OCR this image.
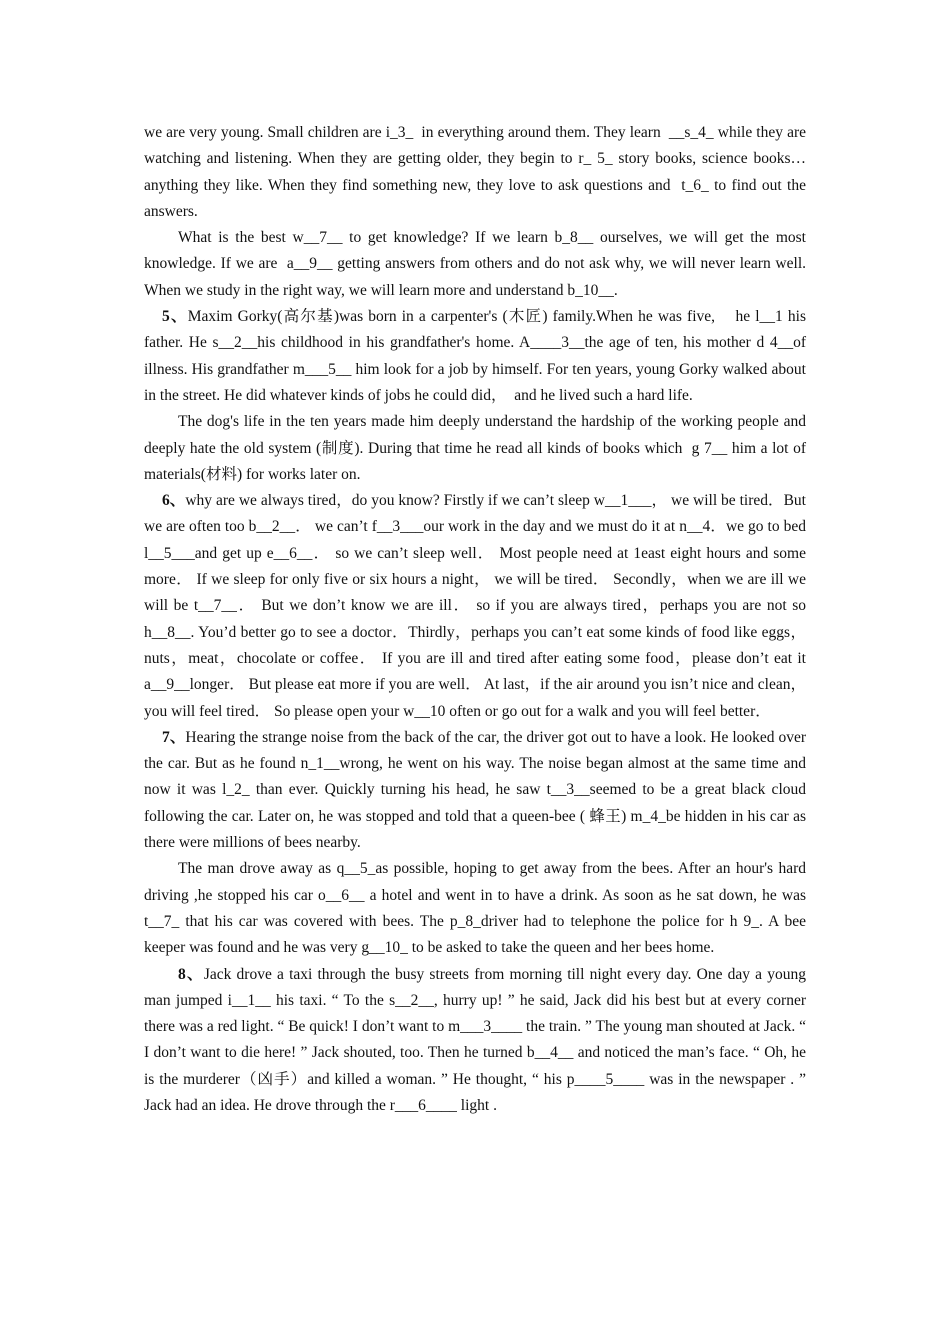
we are very young. Small children are i_3_  in everything around them. They learn  __s_4_ while they are watching and listening. When they are getting older, they begin to r_ 5_ story books, science books… anything they like. When they find something new, they love to ask questions and  t_6_ to find out the answers.

What is the best w__7__ to get knowledge? If we learn b_8__ ourselves, we will get the most knowledge. If we are  a__9__ getting answers from others and do not ask why, we will never learn well. When we study in the right way, we will learn more and understand b_10__.

5、Maxim Gorky(高尔基)was born in a carpenter's (木匠) family.When he was five,    he l__1 his father. He s__2__his childhood in his grandfather's home. A____3__the age of ten, his mother d 4__of illness. His grandfather m___5__ him look for a job by himself. For ten years, young Gorky walked about in the street. He did whatever kinds of jobs he could did，  and he lived such a hard life.

The dog's life in the ten years made him deeply understand the hardship of the working people and deeply hate the old system (制度). During that time he read all kinds of books which  g 7__ him a lot of materials(材料) for works later on.

6、why are we always tired，do you know? Firstly if we can’t sleep w__1___， we will be tired．But we are often too b__2__． we can’t f__3___our work in the day and we must do it at n__4．we go to bed l__5___and get up e__6__． so we can’t sleep well． Most people need at 1east eight hours and some more． If we sleep for only five or six hours a night， we will be tired． Secondly，when we are ill we will be t__7__． But we don’t know we are ill． so if you are always tired，perhaps you are not so h__8__. You’d better go to see a doctor．Thirdly，perhaps you can’t eat some kinds of food like eggs，nuts，meat，chocolate or coffee． If you are ill and tired after eating some food，please don’t eat it a__9__longer． But please eat more if you are well． At last，if the air around you isn’t nice and clean，you will feel tired． So please open your w__10 often or go out for a walk and you will feel better．

7、Hearing the strange noise from the back of the car, the driver got out to have a look. He looked over the car. But as he found n_1__wrong, he went on his way. The noise began almost at the same time and now it was l_2_ than ever. Quickly turning his head, he saw t__3__seemed to be a great black cloud following the car. Later on, he was stopped and told that a queen-bee ( 蜂王) m_4_be hidden in his car as there were millions of bees nearby.

The man drove away as q__5_as possible, hoping to get away from the bees. After an hour's hard driving ,he stopped his car o__6__ a hotel and went in to have a drink. As soon as he sat down, he was t__7_ that his car was covered with bees. The p_8_driver had to telephone the police for h 9_. A bee keeper was found and he was very g__10_ to be asked to take the queen and her bees home.

8、Jack drove a taxi through the busy streets from morning till night every day. One day a young man jumped i__1__ his taxi. “ To the s__2__, hurry up! ” he said, Jack did his best but at every corner there was a red light. “ Be quick! I don’t want to m___3____ the train. ” The young man shouted at Jack. “ I don’t want to die here! ” Jack shouted, too. Then he turned b__4__ and noticed the man’s face. “ Oh, he is the murderer（凶手）and killed a woman. ” He thought, “ his p____5____ was in the newspaper . ” Jack had an idea. He drove through the r___6____ light .
